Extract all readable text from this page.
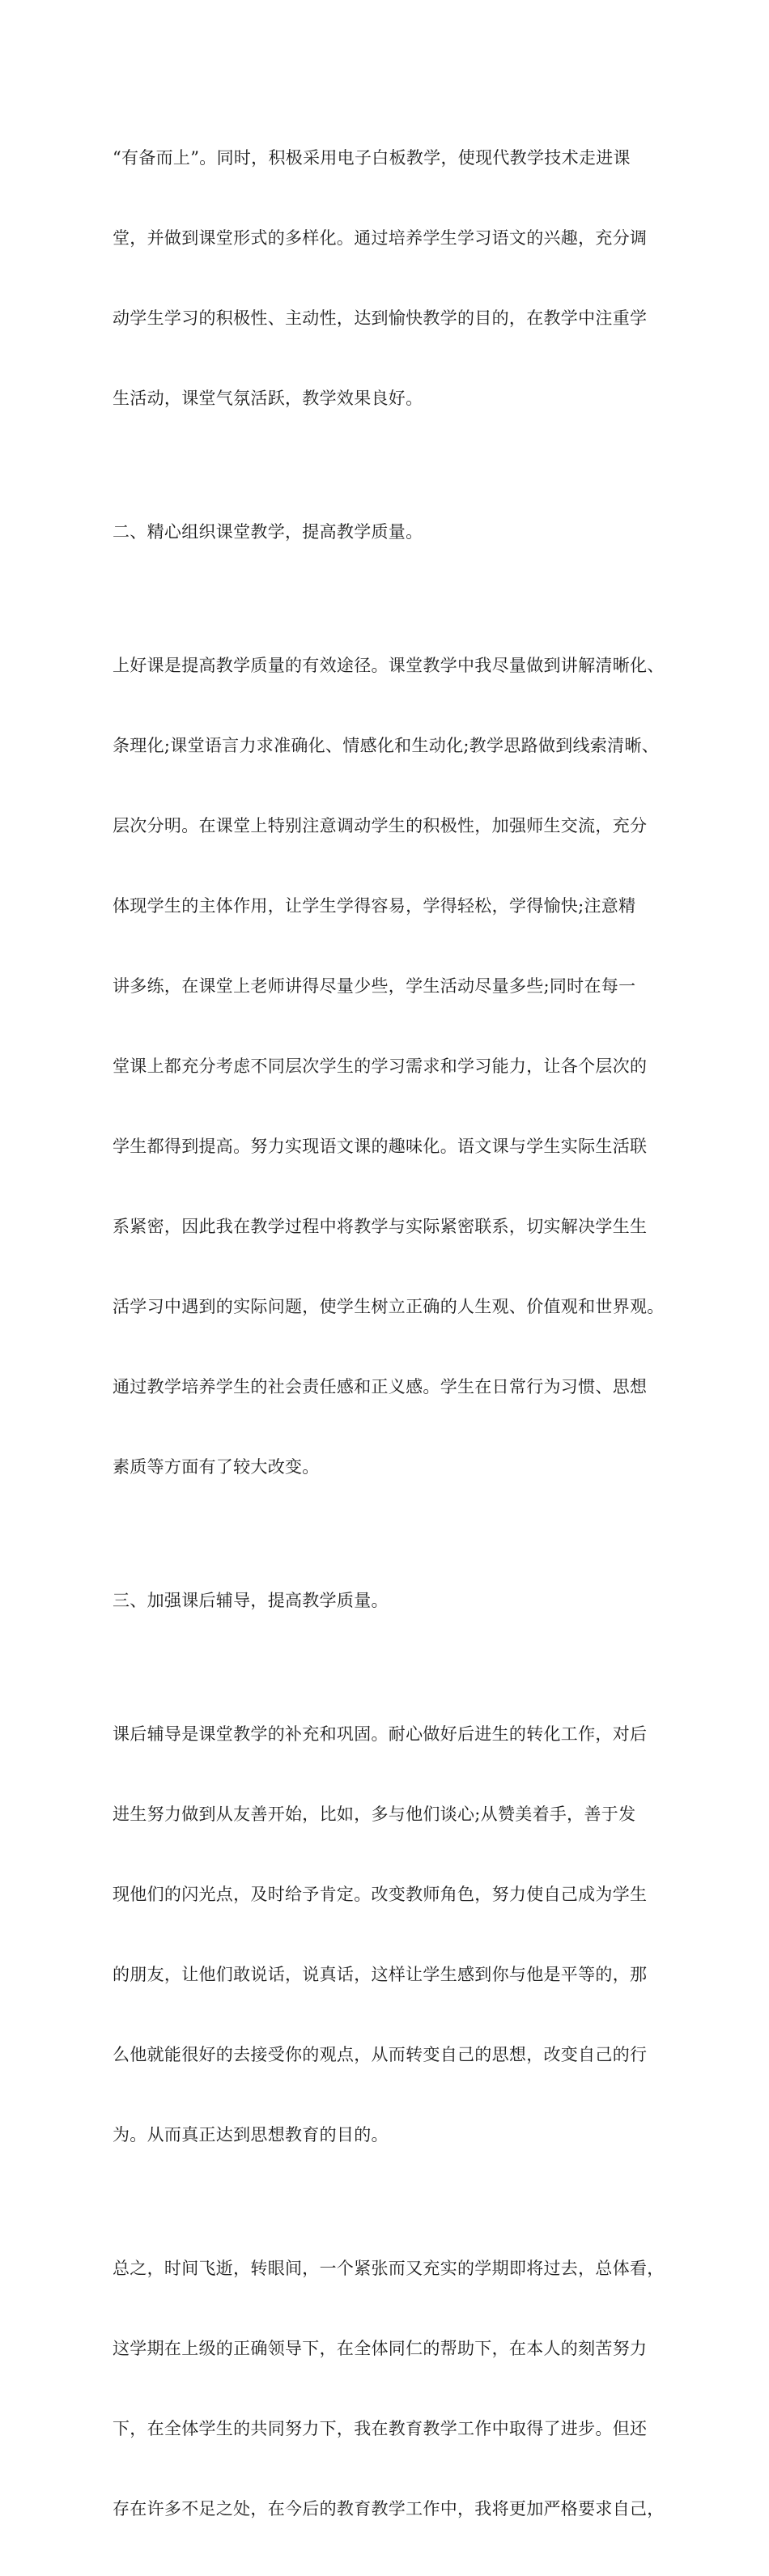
“有备而上”。同时，积极采用电子白板教学，使现代教学技术走进课

堂，并做到课堂形式的多样化。通过培养学生学习语文的兴趣，充分调

动学生学习的积极性、主动性，达到愉快教学的目的，在教学中注重学

生活动，课堂气氛活跃，教学效果良好。

二、精心组织课堂教学，提高教学质量。

上好课是提高教学质量的有效途径。课堂教学中我尽量做到讲解清晰化、

条理化;课堂语言力求准确化、情感化和生动化;教学思路做到线索清晰、

层次分明。在课堂上特别注意调动学生的积极性，加强师生交流，充分

体现学生的主体作用，让学生学得容易，学得轻松，学得愉快;注意精

讲多练，在课堂上老师讲得尽量少些，学生活动尽量多些;同时在每一

堂课上都充分考虑不同层次学生的学习需求和学习能力，让各个层次的

学生都得到提高。努力实现语文课的趣味化。语文课与学生实际生活联

系紧密，因此我在教学过程中将教学与实际紧密联系，切实解决学生生

活学习中遇到的实际问题，使学生树立正确的人生观、价值观和世界观。

通过教学培养学生的社会责任感和正义感。学生在日常行为习惯、思想

素质等方面有了较大改变。

三、加强课后辅导，提高教学质量。

课后辅导是课堂教学的补充和巩固。耐心做好后进生的转化工作，对后

进生努力做到从友善开始，比如，多与他们谈心;从赞美着手，善于发

现他们的闪光点，及时给予肯定。改变教师角色，努力使自己成为学生

的朋友，让他们敢说话，说真话，这样让学生感到你与他是平等的，那

么他就能很好的去接受你的观点，从而转变自己的思想，改变自己的行

为。从而真正达到思想教育的目的。

总之，时间飞逝，转眼间，一个紧张而又充实的学期即将过去，总体看，

这学期在上级的正确领导下，在全体同仁的帮助下，在本人的刻苦努力

下，在全体学生的共同努力下，我在教育教学工作中取得了进步。但还

存在许多不足之处，在今后的教育教学工作中，我将更加严格要求自己，
